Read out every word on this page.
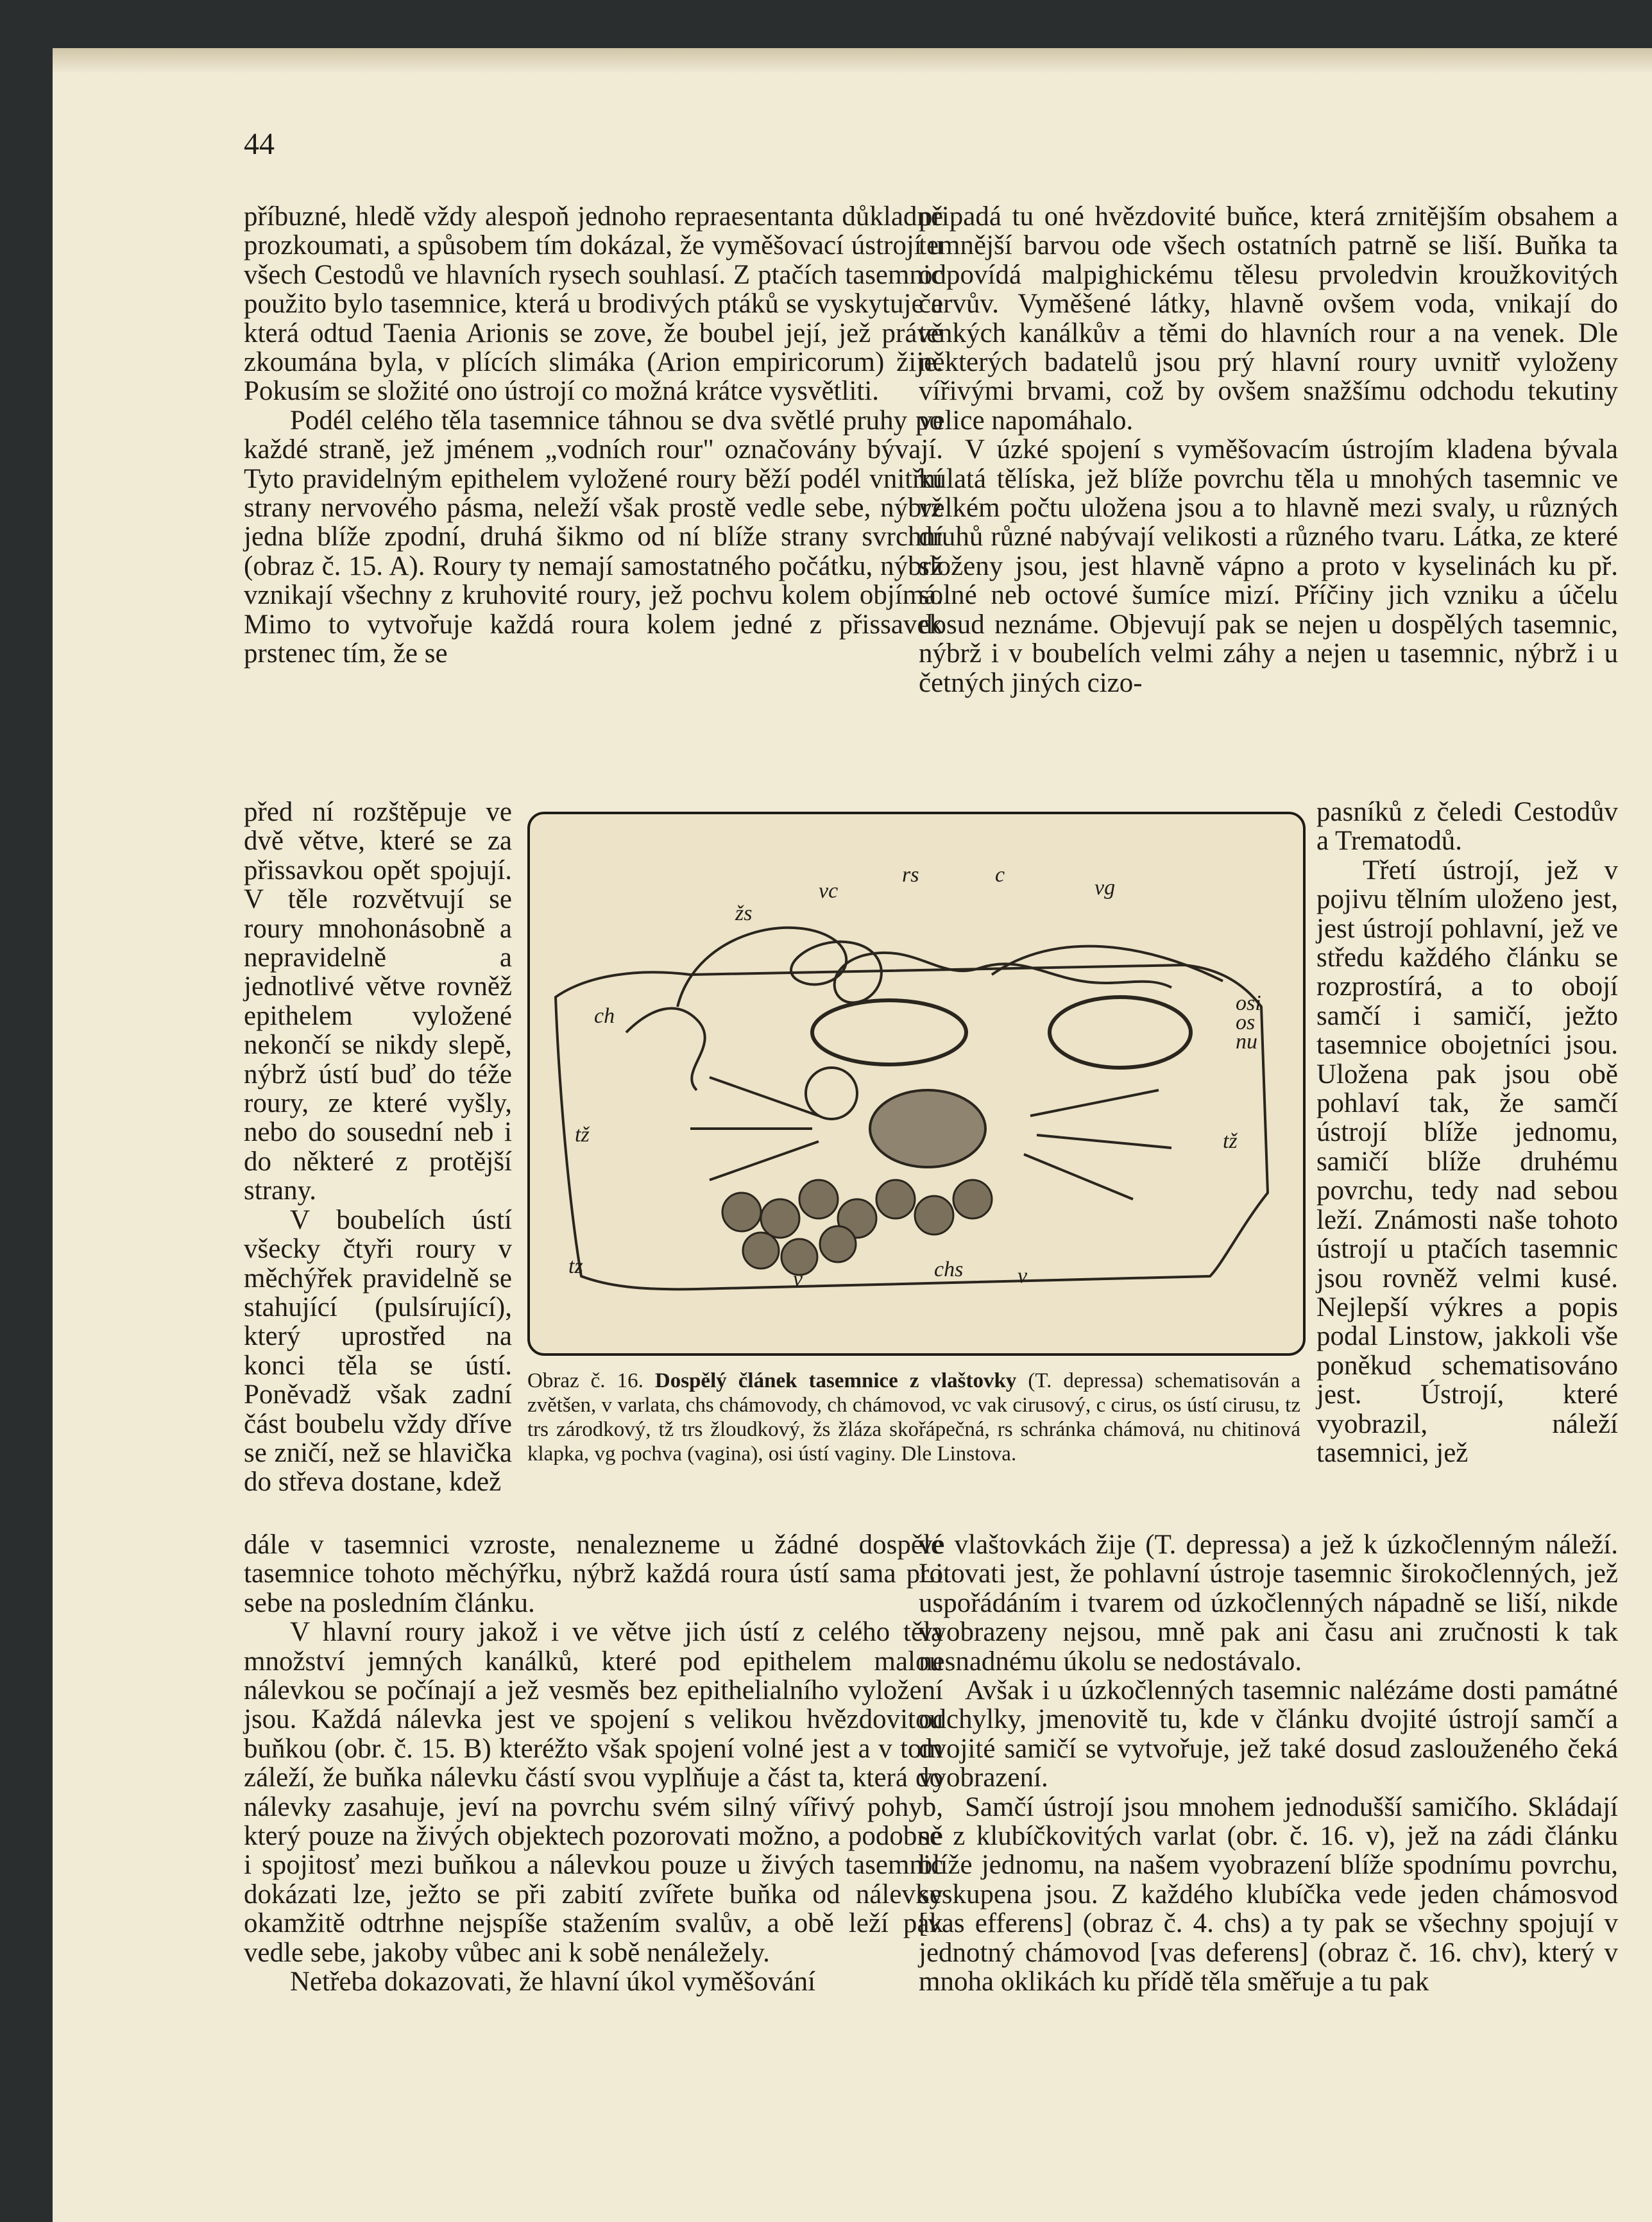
44

příbuzné, hledě vždy alespoň jednoho repraesentanta důkladně prozkoumati, a spůsobem tím dokázal, že vyměšovací ústrojí u všech Cestodů ve hlavních rysech souhlasí. Z ptačích tasemnic použito bylo tasemnice, která u brodivých ptáků se vyskytuje a která odtud Taenia Arionis se zove, že boubel její, jež právě zkoumána byla, v plících slimáka (Arion empiricorum) žije. Pokusím se složité ono ústrojí co možná krátce vysvětliti.

Podél celého těla tasemnice táhnou se dva světlé pruhy po každé straně, jež jménem „vodních rour" označovány bývají. Tyto pravidelným epithelem vyložené roury běží podél vnitřní strany nervového pásma, neleží však prostě vedle sebe, nýbrž jedna blíže zpodní, druhá šikmo od ní blíže strany svrchní (obraz č. 15. A). Roury ty nemají samostatného počátku, nýbrž vznikají všechny z kruhovité roury, jež pochvu kolem objímá. Mimo to vytvořuje každá roura kolem jedné z přissavek prstenec tím, že se

připadá tu oné hvězdovité buňce, která zrnitějším obsahem a temnější barvou ode všech ostatních patrně se liší. Buňka ta odpovídá malpighickému tělesu prvoledvin kroužkovitých červův. Vyměšené látky, hlavně ovšem voda, vnikají do tenkých kanálkův a těmi do hlavních rour a na venek. Dle některých badatelů jsou prý hlavní roury uvnitř vyloženy vířivými brvami, což by ovšem snažšímu odchodu tekutiny velice napomáhalo.

V úzké spojení s vyměšovacím ústrojím kladena bývala kulatá tělíska, jež blíže povrchu těla u mnohých tasemnic ve velkém počtu uložena jsou a to hlavně mezi svaly, u různých druhů různé nabývají velikosti a různého tvaru. Látka, ze které složeny jsou, jest hlavně vápno a proto v kyselinách ku př. solné neb octové šumíce mizí. Příčiny jich vzniku a účelu dosud neznáme. Objevují pak se nejen u dospělých tasemnic, nýbrž i v boubelích velmi záhy a nejen u tasemnic, nýbrž i u četných jiných cizo-

před ní rozštěpuje ve dvě větve, které se za přissavkou opět spojují. V těle rozvětvují se roury mnohonásobně a nepravidelně a jednotlivé větve rovněž epithelem vyložené nekončí se nikdy slepě, nýbrž ústí buď do téže roury, ze které vyšly, nebo do sousední neb i do některé z protější strany.

V boubelích ústí všecky čtyři roury v měchýřek pravidelně se stahující (pulsírující), který uprostřed na konci těla se ústí. Poněvadž však zadní část boubelu vždy dříve se zničí, než se hlavička do střeva dostane, kdež

pasníků z čeledi Cestodův a Trematodů.

Třetí ústrojí, jež v pojivu tělním uloženo jest, jest ústrojí pohlavní, jež ve středu každého článku se rozprostírá, a to obojí samčí i samičí, ježto tasemnice obojetníci jsou. Uložena pak jsou obě pohlaví tak, že samčí ústrojí blíže jednomu, samičí blíže druhému povrchu, tedy nad sebou leží. Známosti naše tohoto ústrojí u ptačích tasemnic jsou rovněž velmi kusé. Nejlepší výkres a popis podal Linstow, jakkoli vše poněkud schematisováno jest. Ústrojí, které vyobrazil, náleží tasemnici, jež

žs
vc
rs	c
vg
ch
osi
os
nu
tž	tž
tz
v	chs v
Obraz č. 16. Dospělý článek tasemnice z vlaštovky (T. depressa) schematisován a zvětšen, v varlata, chs chámovody, ch chámovod, vc vak cirusový, c cirus, os ústí cirusu, tz trs zárodkový, tž trs žloudkový, žs žláza skořápečná, rs schránka chámová, nu chitinová klapka, vg pochva (vagina), osi ústí vaginy. Dle Linstova.

dále v tasemnici vzroste, nenalezneme u žádné dospělé tasemnice tohoto měchýřku, nýbrž každá roura ústí sama pro sebe na posledním článku.

V hlavní roury jakož i ve větve jich ústí z celého těla množství jemných kanálků, které pod epithelem malou nálevkou se počínají a jež vesměs bez epithelialního vyložení jsou. Každá nálevka jest ve spojení s velikou hvězdovitou buňkou (obr. č. 15. B) kteréžto však spojení volné jest a v tom záleží, že buňka nálevku částí svou vyplňuje a část ta, která do nálevky zasahuje, jeví na povrchu svém silný vířivý pohyb, který pouze na živých objektech pozorovati možno, a podobně i spojitosť mezi buňkou a nálevkou pouze u živých tasemnic dokázati lze, ježto se při zabití zvířete buňka od nálevky okamžitě odtrhne nejspíše stažením svalův, a obě leží pak vedle sebe, jakoby vůbec ani k sobě nenáležely.

Netřeba dokazovati, že hlavní úkol vyměšování

ve vlaštovkách žije (T. depressa) a jež k úzkočlenným náleží. Litovati jest, že pohlavní ústroje tasemnic širokočlenných, jež uspořádáním i tvarem od úzkočlenných nápadně se liší, nikde vyobrazeny nejsou, mně pak ani času ani zručnosti k tak nesnadnému úkolu se nedostávalo.

Avšak i u úzkočlenných tasemnic nalézáme dosti památné odchylky, jmenovitě tu, kde v článku dvojité ústrojí samčí a dvojité samičí se vytvořuje, jež také dosud zaslouženého čeká vyobrazení.

Samčí ústrojí jsou mnohem jednodušší samičího. Skládají se z klubíčkovitých varlat (obr. č. 16. v), jež na zádi článku blíže jednomu, na našem vyobrazení blíže spodnímu povrchu, seskupena jsou. Z každého klubíčka vede jeden chámosvod [vas efferens] (obraz č. 4. chs) a ty pak se všechny spojují v jednotný chámovod [vas deferens] (obraz č. 16. chv), který v mnoha oklikách ku přídě těla směřuje a tu pak
